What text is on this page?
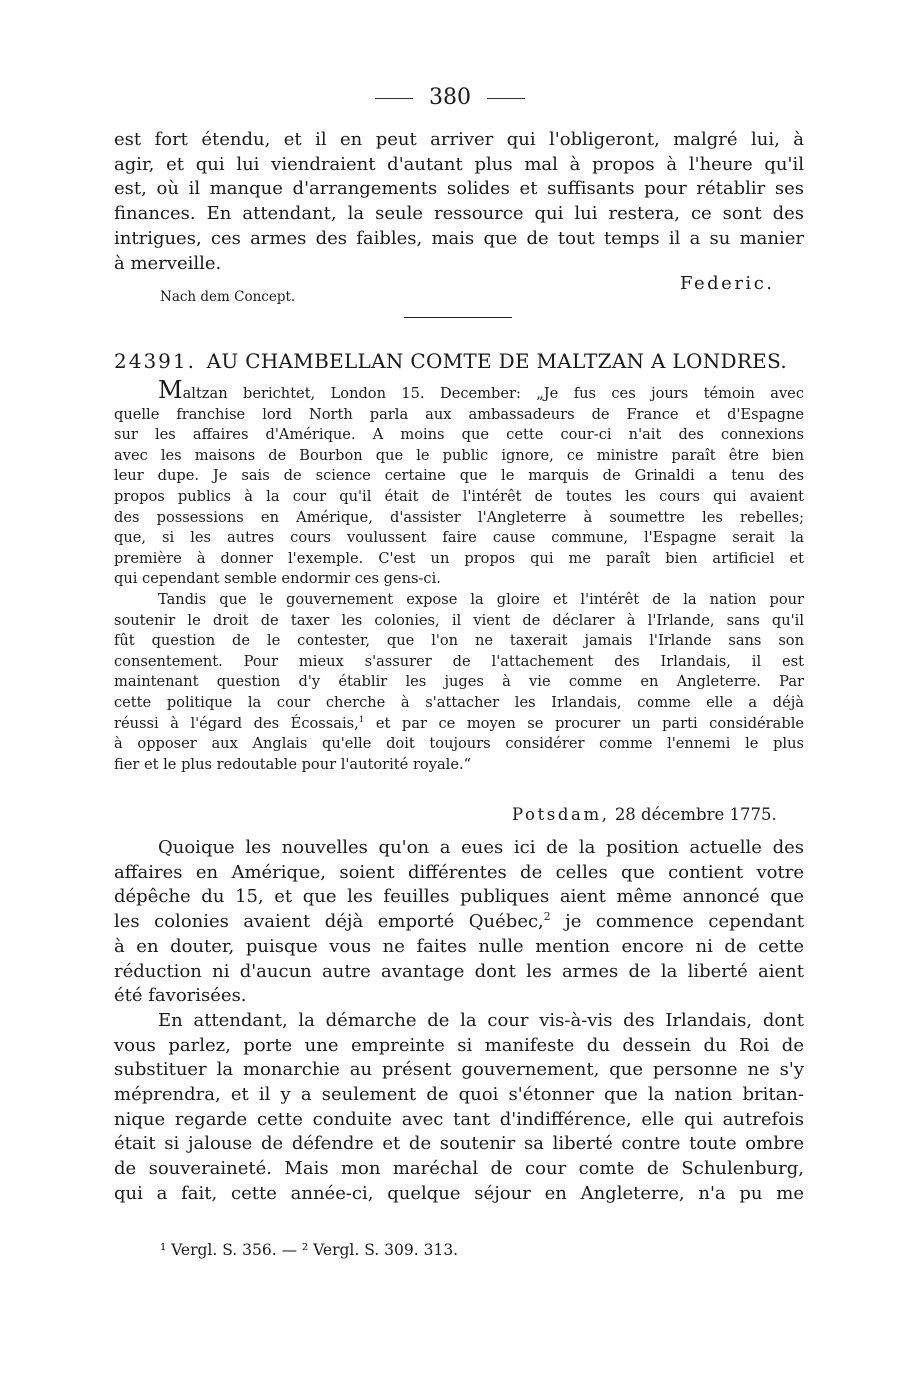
380
est fort étendu, et il en peut arriver qui l'obligeront, malgré lui, à
agir, et qui lui viendraient d'autant plus mal à propos à l'heure qu'il
est, où il manque d'arrangements solides et suffisants pour rétablir ses
finances. En attendant, la seule ressource qui lui restera, ce sont des
intrigues, ces armes des faibles, mais que de tout temps il a su manier
à merveille.
Federic.
Nach dem Concept.
24391. AU CHAMBELLAN COMTE DE MALTZAN A LONDRES.
Maltzan berichtet, London 15. December: „Je fus ces jours témoin avec
quelle franchise lord North parla aux ambassadeurs de France et d'Espagne
sur les affaires d'Amérique. A moins que cette cour-ci n'ait des connexions
avec les maisons de Bourbon que le public ignore, ce ministre paraît être bien
leur dupe. Je sais de science certaine que le marquis de Grinaldi a tenu des
propos publics à la cour qu'il était de l'intérêt de toutes les cours qui avaient
des possessions en Amérique, d'assister l'Angleterre à soumettre les rebelles;
que, si les autres cours voulussent faire cause commune, l'Espagne serait la
première à donner l'exemple. C'est un propos qui me paraît bien artificiel et
qui cependant semble endormir ces gens-ci.
Tandis que le gouvernement expose la gloire et l'intérêt de la nation pour
soutenir le droit de taxer les colonies, il vient de déclarer à l'Irlande, sans qu'il
fût question de le contester, que l'on ne taxerait jamais l'Irlande sans son
consentement. Pour mieux s'assurer de l'attachement des Irlandais, il est
maintenant question d'y établir les juges à vie comme en Angleterre. Par
cette politique la cour cherche à s'attacher les Irlandais, comme elle a déjà
réussi à l'égard des Écossais,$^1$ et par ce moyen se procurer un parti considérable
à opposer aux Anglais qu'elle doit toujours considérer comme l'ennemi le plus
fier et le plus redoutable pour l'autorité royale.“
Potsdam, 28 décembre 1775.
Quoique les nouvelles qu'on a eues ici de la position actuelle des
affaires en Amérique, soient différentes de celles que contient votre
dépêche du 15, et que les feuilles publiques aient même annoncé que
les colonies avaient déjà emporté Québec,$^2$ je commence cependant
à en douter, puisque vous ne faites nulle mention encore ni de cette
réduction ni d'aucun autre avantage dont les armes de la liberté aient
été favorisées.
En attendant, la démarche de la cour vis-à-vis des Irlandais, dont
vous parlez, porte une empreinte si manifeste du dessein du Roi de
substituer la monarchie au présent gouvernement, que personne ne s'y
méprendra, et il y a seulement de quoi s'étonner que la nation britan-
nique regarde cette conduite avec tant d'indifférence, elle qui autrefois
était si jalouse de défendre et de soutenir sa liberté contre toute ombre
de souveraineté. Mais mon maréchal de cour comte de Schulenburg,
qui a fait, cette année-ci, quelque séjour en Angleterre, n'a pu me
¹ Vergl. S. 356. — ² Vergl. S. 309. 313.
